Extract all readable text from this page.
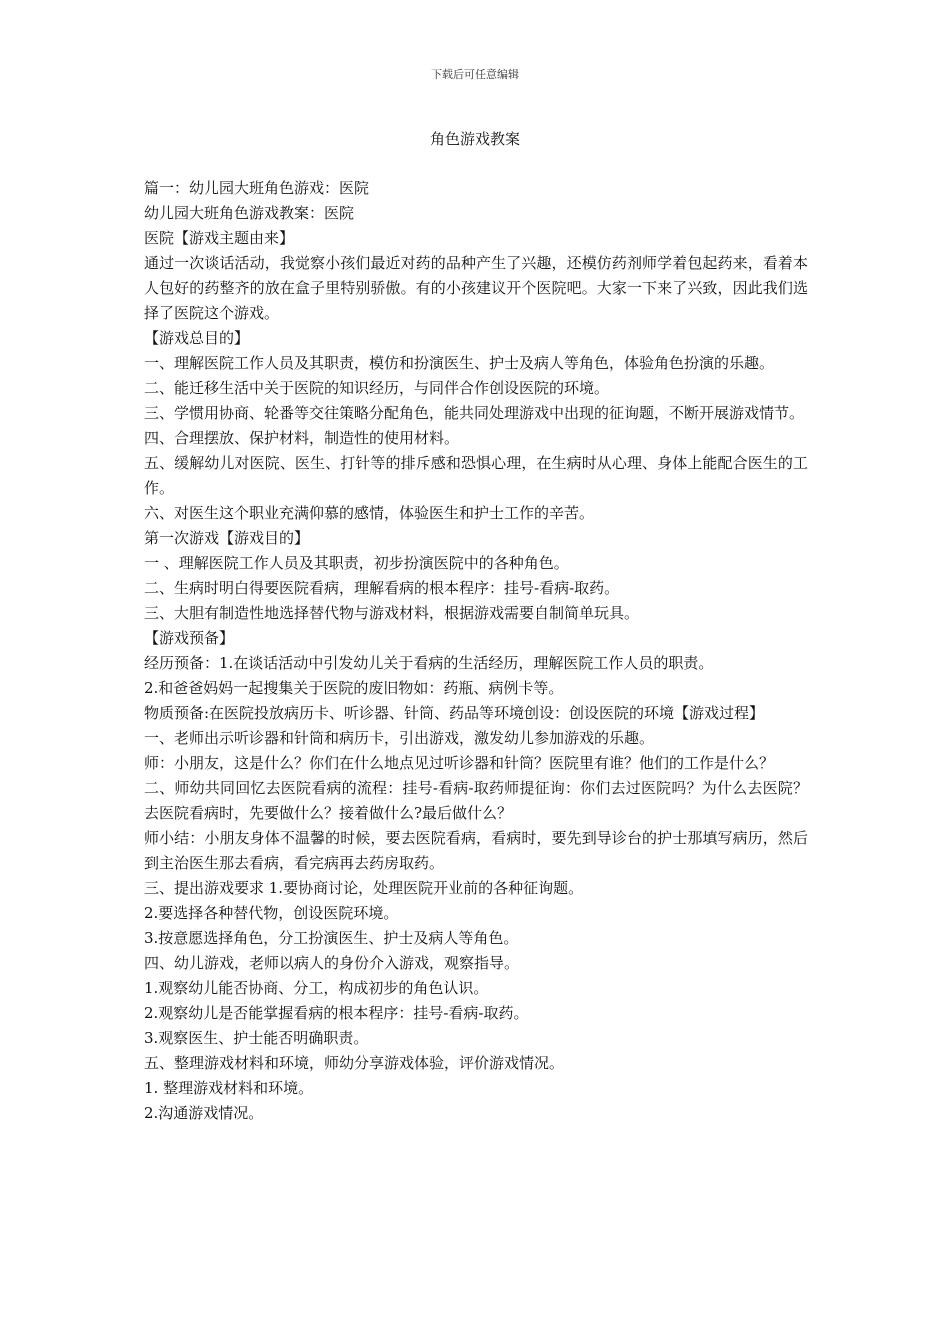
下载后可任意编辑
角色游戏教案

篇一：幼儿园大班角色游戏：医院

幼儿园大班角色游戏教案：医院

医院【游戏主题由来】

通过一次谈话活动，我觉察小孩们最近对药的品种产生了兴趣，还模仿药剂师学着包起药来，看着本人包好的药整齐的放在盒子里特别骄傲。有的小孩建议开个医院吧。大家一下来了兴致，因此我们选择了医院这个游戏。

【游戏总目的】

一、理解医院工作人员及其职责，模仿和扮演医生、护士及病人等角色，体验角色扮演的乐趣。

二、能迁移生活中关于医院的知识经历，与同伴合作创设医院的环境。

三、学惯用协商、轮番等交往策略分配角色，能共同处理游戏中出现的征询题，不断开展游戏情节。

四、合理摆放、保护材料，制造性的使用材料。

五、缓解幼儿对医院、医生、打针等的排斥感和恐惧心理，在生病时从心理、身体上能配合医生的工作。

六、对医生这个职业充满仰慕的感情，体验医生和护士工作的辛苦。

第一次游戏【游戏目的】

一 、理解医院工作人员及其职责，初步扮演医院中的各种角色。

二、生病时明白得要医院看病，理解看病的根本程序：挂号-看病-取药。

三、大胆有制造性地选择替代物与游戏材料，根据游戏需要自制简单玩具。

【游戏预备】

经历预备：1.在谈话活动中引发幼儿关于看病的生活经历，理解医院工作人员的职责。

2.和爸爸妈妈一起搜集关于医院的废旧物如：药瓶、病例卡等。

物质预备:在医院投放病历卡、听诊器、针筒、药品等环境创设：创设医院的环境【游戏过程】

一、老师出示听诊器和针筒和病历卡，引出游戏，激发幼儿参加游戏的乐趣。

师：小朋友，这是什么？你们在什么地点见过听诊器和针筒？医院里有谁？他们的工作是什么？

二、师幼共同回忆去医院看病的流程：挂号-看病-取药师提征询：你们去过医院吗？为什么去医院？去医院看病时，先要做什么？接着做什么?最后做什么？

师小结：小朋友身体不温馨的时候，要去医院看病，看病时，要先到导诊台的护士那填写病历，然后到主治医生那去看病，看完病再去药房取药。

三、提出游戏要求 1.要协商讨论，处理医院开业前的各种征询题。

2.要选择各种替代物，创设医院环境。

3.按意愿选择角色，分工扮演医生、护士及病人等角色。

四、幼儿游戏，老师以病人的身份介入游戏，观察指导。

1.观察幼儿能否协商、分工，构成初步的角色认识。

2.观察幼儿是否能掌握看病的根本程序：挂号-看病-取药。

3.观察医生、护士能否明确职责。

五、整理游戏材料和环境，师幼分享游戏体验，评价游戏情况。

1. 整理游戏材料和环境。

2.沟通游戏情况。
